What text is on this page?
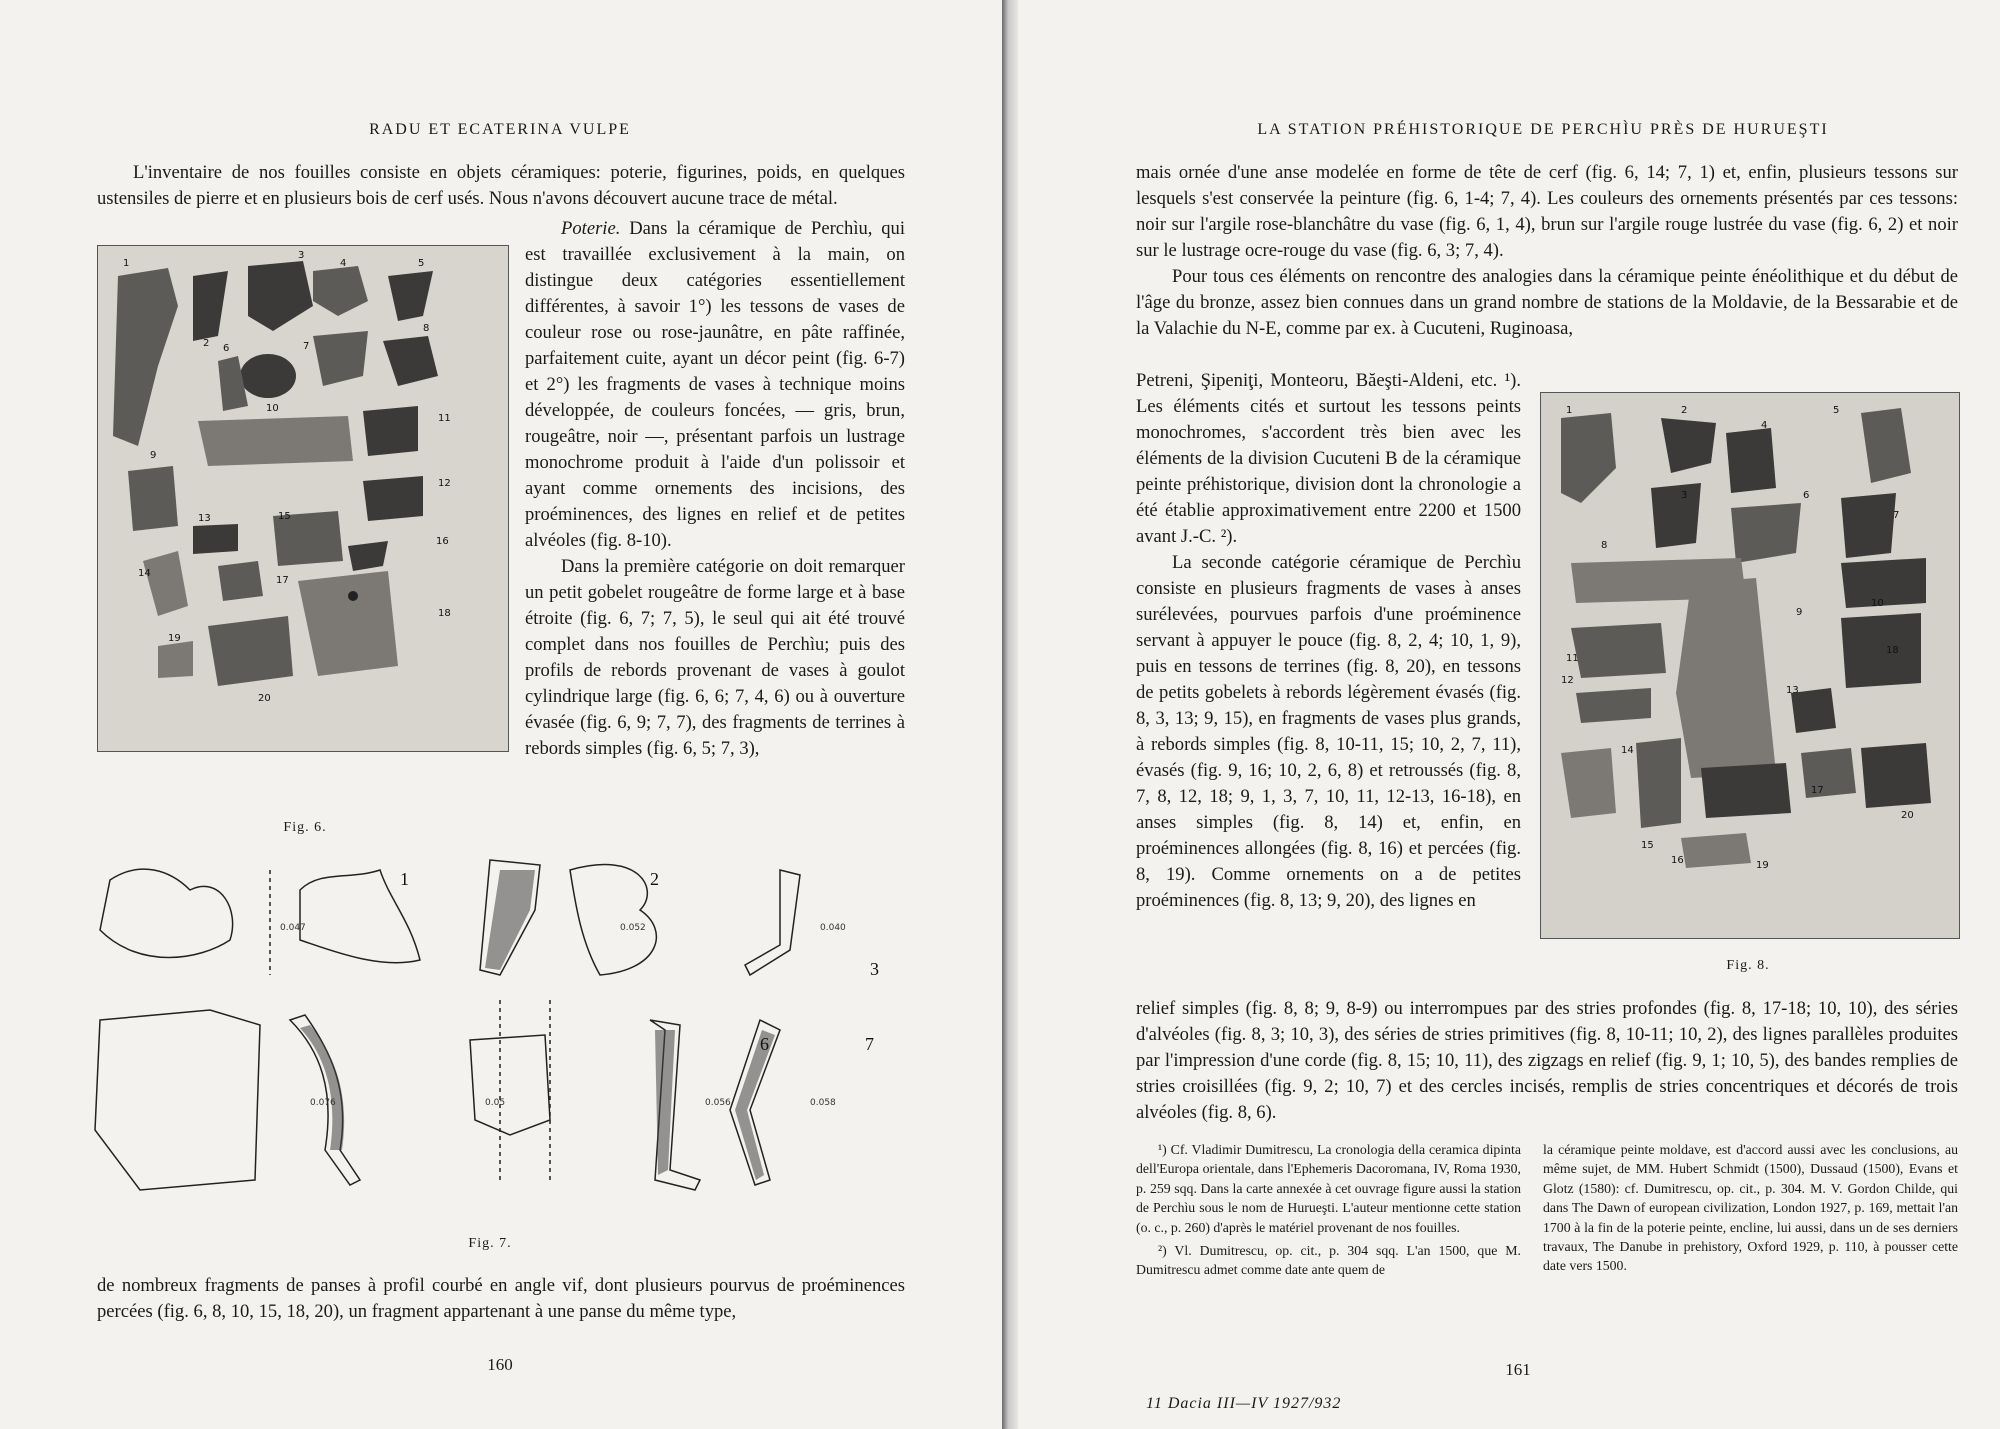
RADU ET ECATERINA VULPE

L'inventaire de nos fouilles consiste en objets céramiques: poterie, figurines, poids, en quelques ustensiles de pierre et en plusieurs bois de cerf usés. Nous n'avons découvert aucune trace de métal.

1
2
3
4	5
6	7
8
9
10
11
12
13
14
15
16
17
18
19
20
Fig. 6.

Poterie. Dans la céramique de Perchìu, qui est travaillée exclusivement à la main, on distingue deux catégories essentiellement différentes, à savoir 1°) les tessons de vases de couleur rose ou rose-jaunâtre, en pâte raffinée, parfaitement cuite, ayant un décor peint (fig. 6-7) et 2°) les fragments de vases à technique moins développée, de couleurs foncées, — gris, brun, rougeâtre, noir —, présentant parfois un lustrage monochrome produit à l'aide d'un polissoir et ayant comme ornements des incisions, des proéminences, des lignes en relief et de petites alvéoles (fig. 8-10).

Dans la première catégorie on doit remarquer un petit gobelet rougeâtre de forme large et à base étroite (fig. 6, 7; 7, 5), le seul qui ait été trouvé complet dans nos fouilles de Perchìu; puis des profils de rebords provenant de vases à goulot cylindrique large (fig. 6, 6; 7, 4, 6) ou à ouverture évasée (fig. 6, 9; 7, 7), des fragments de terrines à rebords simples (fig. 6, 5; 7, 3),

1	2
3
6	7
0.047	0.052	0.040
0.076	0.05	0.056	0.058
Fig. 7.
de nombreux fragments de panses à profil courbé en angle vif, dont plusieurs pourvus de proéminences percées (fig. 6, 8, 10, 15, 18, 20), un fragment appartenant à une panse du même type,
160
LA STATION PRÉHISTORIQUE DE PERCHÌU PRÈS DE HURUEŞTI

mais ornée d'une anse modelée en forme de tête de cerf (fig. 6, 14; 7, 1) et, enfin, plusieurs tessons sur lesquels s'est conservée la peinture (fig. 6, 1-4; 7, 4). Les couleurs des ornements présentés par ces tessons: noir sur l'argile rose-blanchâtre du vase (fig. 6, 1, 4), brun sur l'argile rouge lustrée du vase (fig. 6, 2) et noir sur le lustrage ocre-rouge du vase (fig. 6, 3; 7, 4).

Pour tous ces éléments on rencontre des analogies dans la céramique peinte énéolithique et du début de l'âge du bronze, assez bien connues dans un grand nombre de stations de la Moldavie, de la Bessarabie et de la Valachie du N-E, comme par ex. à Cucuteni, Ruginoasa,

Petreni, Şipeniţi, Monteoru, Băeşti-Aldeni, etc. ¹). Les éléments cités et surtout les tessons peints monochromes, s'accordent très bien avec les éléments de la division Cucuteni B de la céramique peinte préhistorique, division dont la chronologie a été établie approximativement entre 2200 et 1500 avant J.-C. ²).

La seconde catégorie céramique de Perchìu consiste en plusieurs fragments de vases à anses surélevées, pourvues parfois d'une proéminence servant à appuyer le pouce (fig. 8, 2, 4; 10, 1, 9), puis en tessons de terrines (fig. 8, 20), en tessons de petits gobelets à rebords légèrement évasés (fig. 8, 3, 13; 9, 15), en fragments de vases plus grands, à rebords simples (fig. 8, 10-11, 15; 10, 2, 7, 11), évasés (fig. 9, 16; 10, 2, 6, 8) et retroussés (fig. 8, 7, 8, 12, 18; 9, 1, 3, 7, 10, 11, 12-13, 16-18), en anses simples (fig. 8, 14) et, enfin, en proéminences allongées (fig. 8, 16) et percées (fig. 8, 19). Comme ornements on a de petites proéminences (fig. 8, 13; 9, 20), des lignes en

1	2
3
4
5
6
7
8
9
10
11
12
13
14
15
16
17
18
19
20
Fig. 8.
relief simples (fig. 8, 8; 9, 8-9) ou interrompues par des stries profondes (fig. 8, 17-18; 10, 10), des séries d'alvéoles (fig. 8, 3; 10, 3), des séries de stries primitives (fig. 8, 10-11; 10, 2), des lignes parallèles produites par l'impression d'une corde (fig. 8, 15; 10, 11), des zigzags en relief (fig. 9, 1; 10, 5), des bandes remplies de stries croisillées (fig. 9, 2; 10, 7) et des cercles incisés, remplis de stries concentriques et décorés de trois alvéoles (fig. 8, 6).

¹) Cf. Vladimir Dumitrescu, La cronologia della ceramica dipinta dell'Europa orientale, dans l'Ephemeris Dacoromana, IV, Roma 1930, p. 259 sqq. Dans la carte annexée à cet ouvrage figure aussi la station de Perchìu sous le nom de Hurueşti. L'auteur mentionne cette station (o. c., p. 260) d'après le matériel provenant de nos fouilles.

²) Vl. Dumitrescu, op. cit., p. 304 sqq. L'an 1500, que M. Dumitrescu admet comme date ante quem de

la céramique peinte moldave, est d'accord aussi avec les conclusions, au même sujet, de MM. Hubert Schmidt (1500), Dussaud (1500), Evans et Glotz (1580): cf. Dumitrescu, op. cit., p. 304. M. V. Gordon Childe, qui dans The Dawn of european civilization, London 1927, p. 169, mettait l'an 1700 à la fin de la poterie peinte, encline, lui aussi, dans un de ses derniers travaux, The Danube in prehistory, Oxford 1929, p. 110, à pousser cette date vers 1500.
161
11 Dacia III—IV 1927/932
